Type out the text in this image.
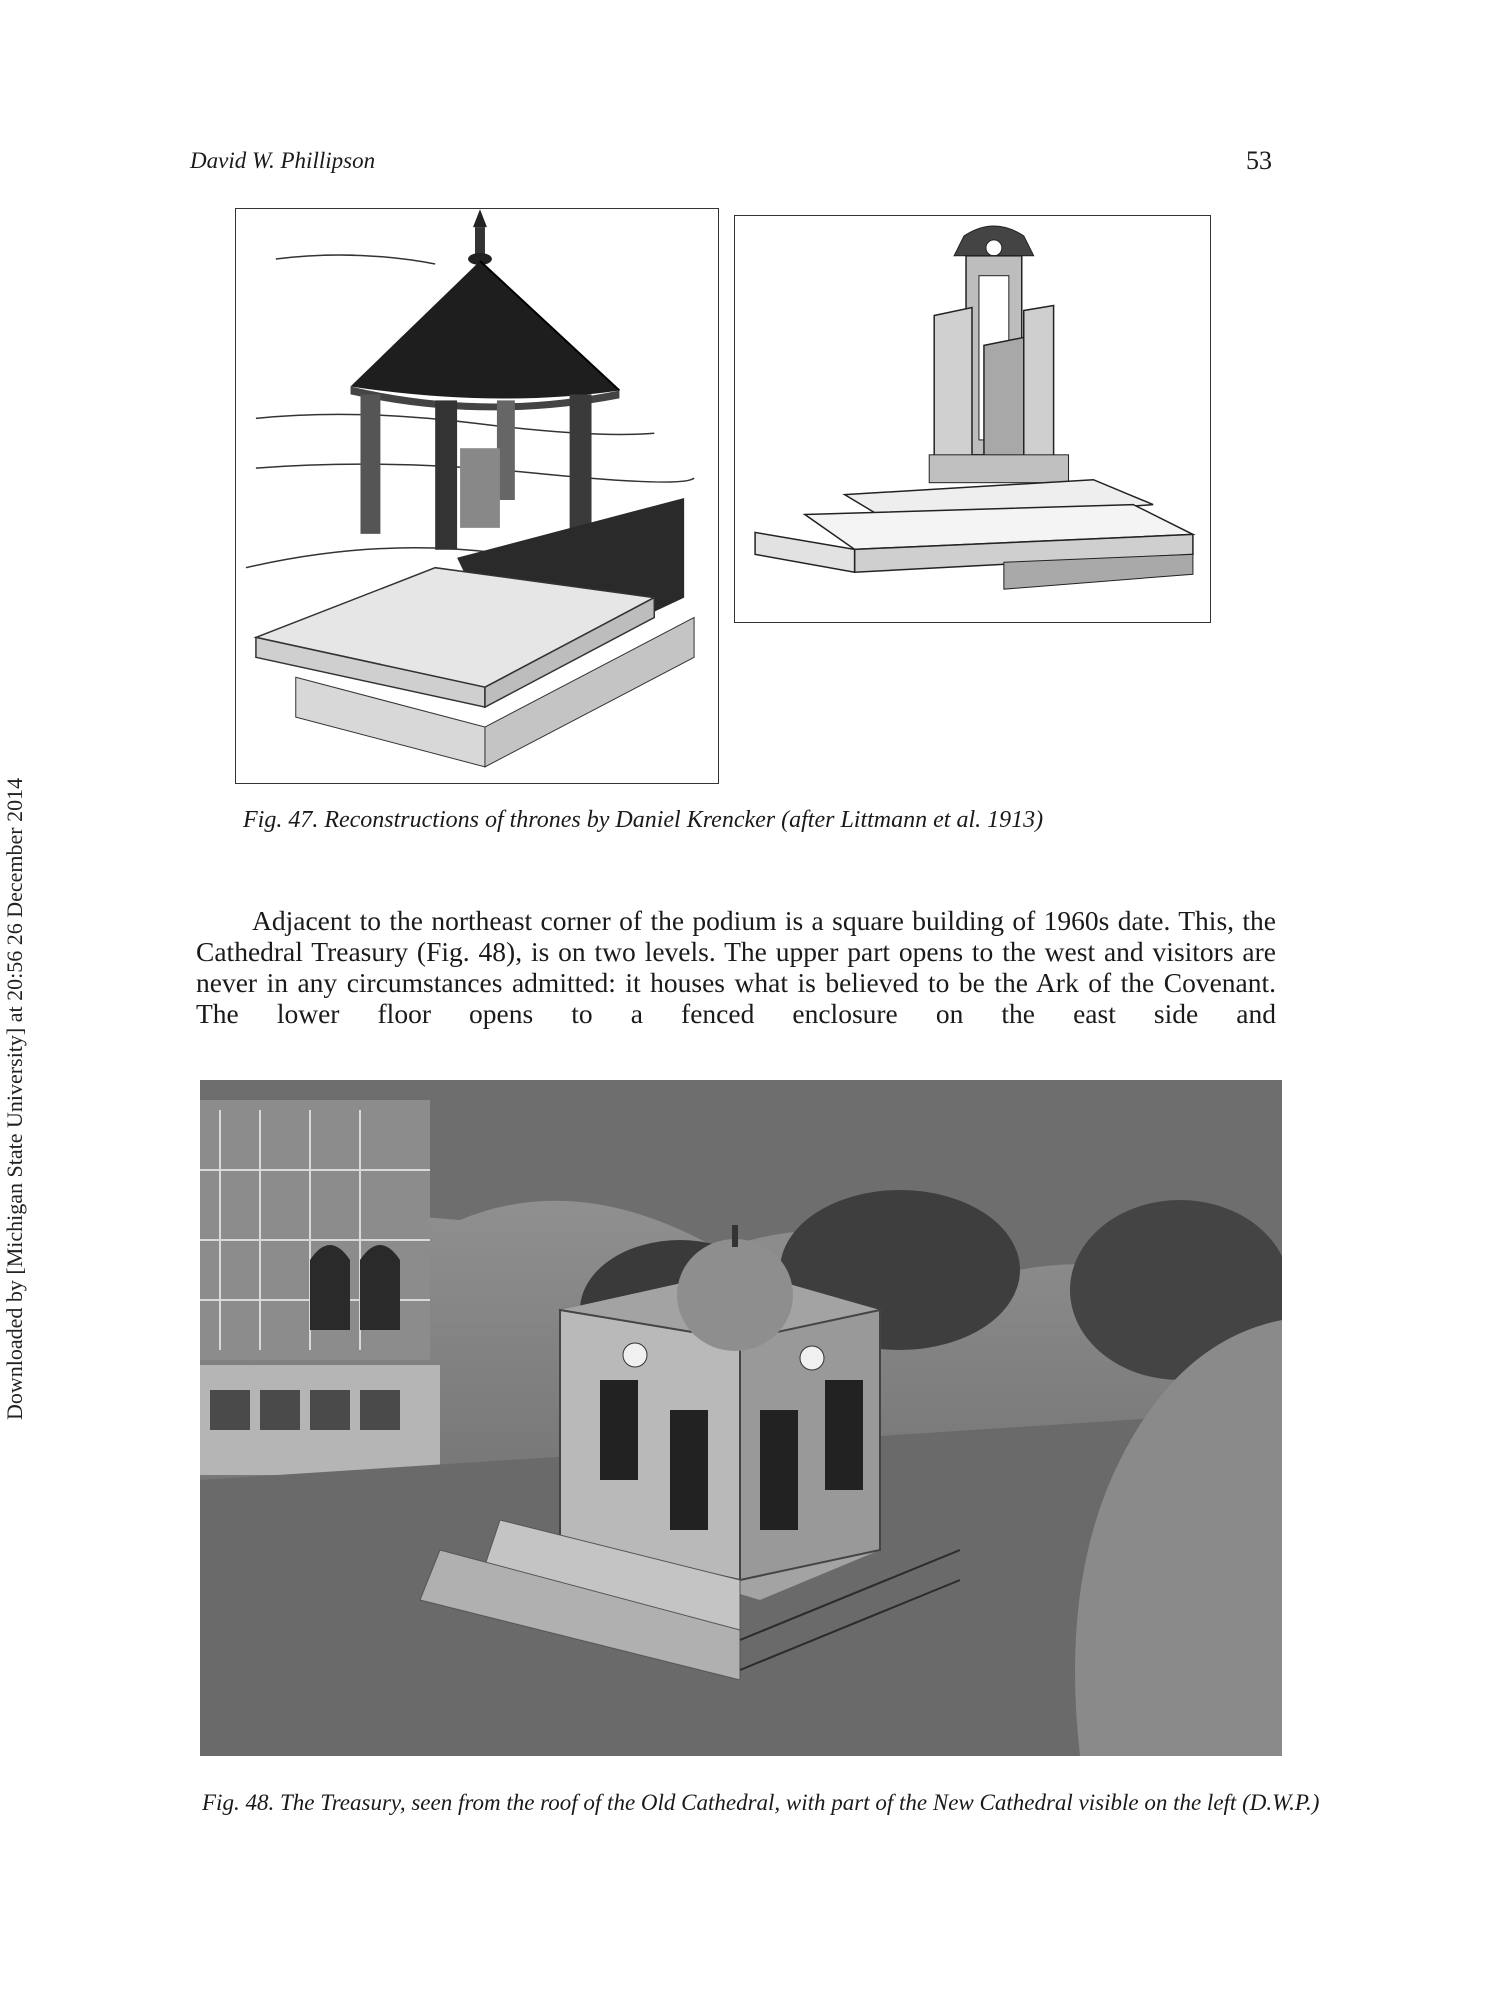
Downloaded by [Michigan State University] at 20:56 26 December 2014
David W. Phillipson	53
Fig. 47. Reconstructions of thrones by Daniel Krencker (after Littmann et al. 1913)

Adjacent to the northeast corner of the podium is a square building of 1960s date. This, the Cathedral Treasury (Fig. 48), is on two levels. The upper part opens to the west and visitors are never in any circumstances admitted: it houses what is believed to be the Ark of the Covenant. The lower floor opens to a fenced enclosure on the east side and

Fig. 48. The Treasury, seen from the roof of the Old Cathedral, with part of the New Cathedral visible on the left (D.W.P.)
